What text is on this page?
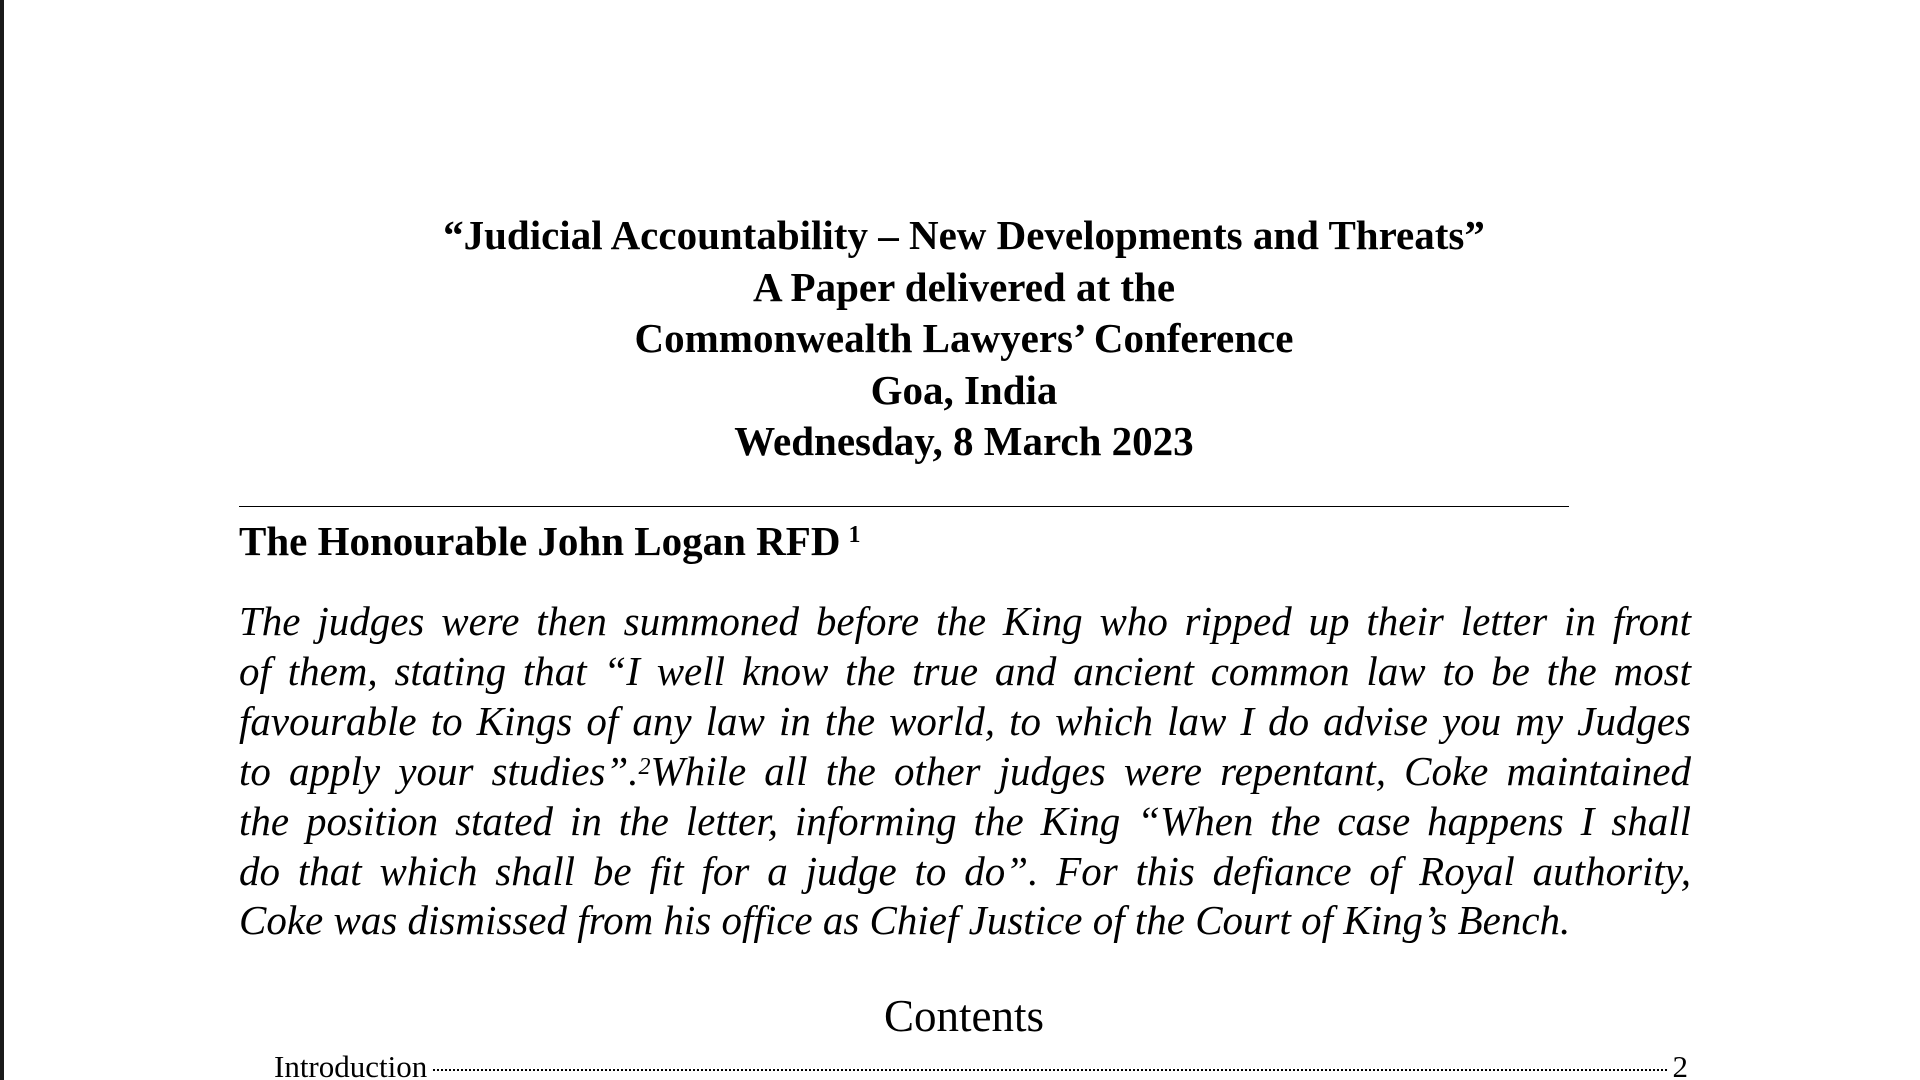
“Judicial Accountability – New Developments and Threats”
A Paper delivered at the
Commonwealth Lawyers’ Conference
Goa, India
Wednesday, 8 March 2023
The Honourable John Logan RFD $^1$
The judges were then summoned before the King who ripped up their letter in front
of them, stating that “I well know the true and ancient common law to be the most
favourable to Kings of any law in the world, to which law I do advise you my Judges
to apply your studies”.$^2$While all the other judges were repentant, Coke maintained
the position stated in the letter, informing the King “When the case happens I shall
do that which shall be fit for a judge to do”. For this defiance of Royal authority,
Coke was dismissed from his office as Chief Justice of the Court of King’s Bench.
Contents
Introduction	2
